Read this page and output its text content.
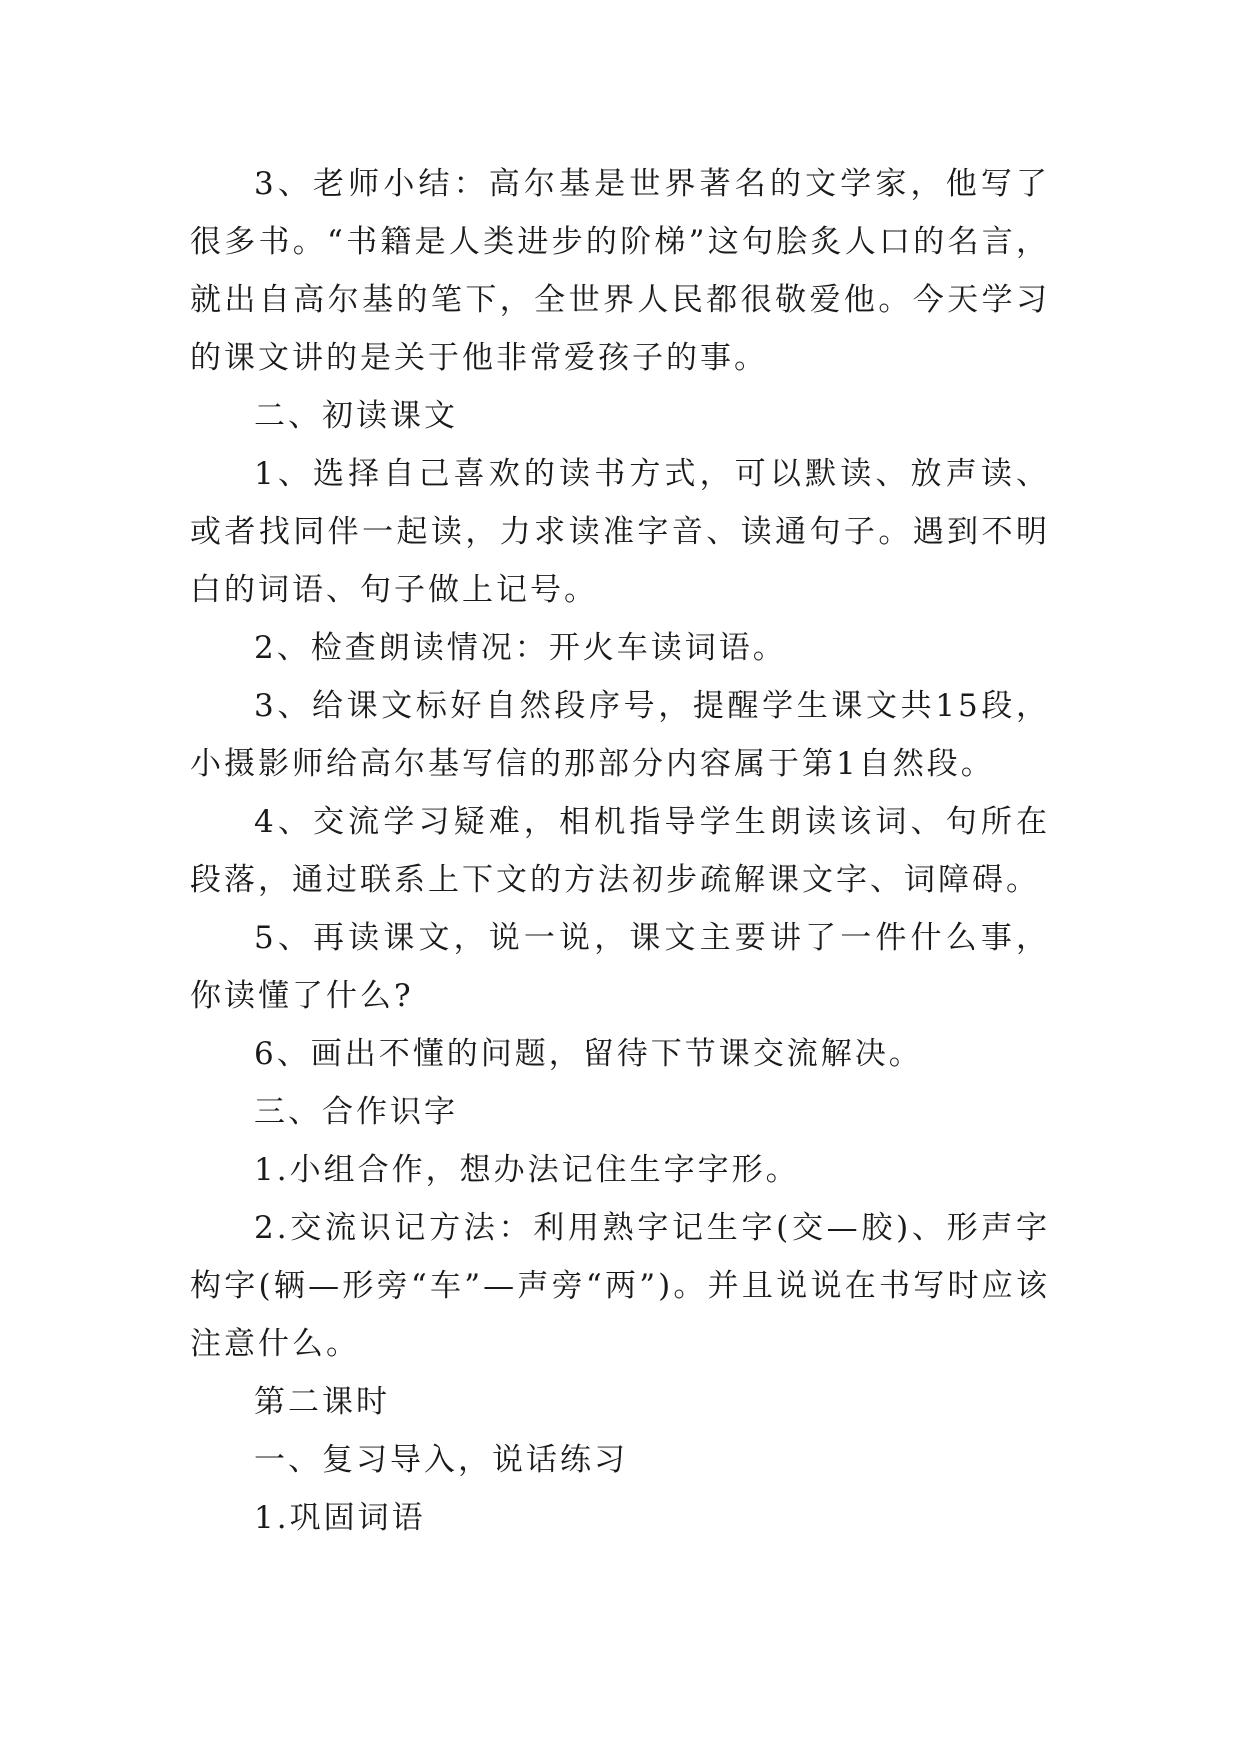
3、老师小结：高尔基是世界著名的文学家，他写了很多书。“书籍是人类进步的阶梯”这句脍炙人口的名言，就出自高尔基的笔下，全世界人民都很敬爱他。今天学习的课文讲的是关于他非常爱孩子的事。

二、初读课文

1、选择自己喜欢的读书方式，可以默读、放声读、或者找同伴一起读，力求读准字音、读通句子。遇到不明白的词语、句子做上记号。

2、检查朗读情况：开火车读词语。

3、给课文标好自然段序号，提醒学生课文共15段，小摄影师给高尔基写信的那部分内容属于第1自然段。

4、交流学习疑难，相机指导学生朗读该词、句所在段落，通过联系上下文的方法初步疏解课文字、词障碍。

5、再读课文，说一说，课文主要讲了一件什么事，你读懂了什么?

6、画出不懂的问题，留待下节课交流解决。

三、合作识字

1.小组合作，想办法记住生字字形。

2.交流识记方法：利用熟字记生字(交—胶)、形声字构字(辆—形旁“车”—声旁“两”)。并且说说在书写时应该注意什么。

第二课时

一、复习导入，说话练习

1.巩固词语
